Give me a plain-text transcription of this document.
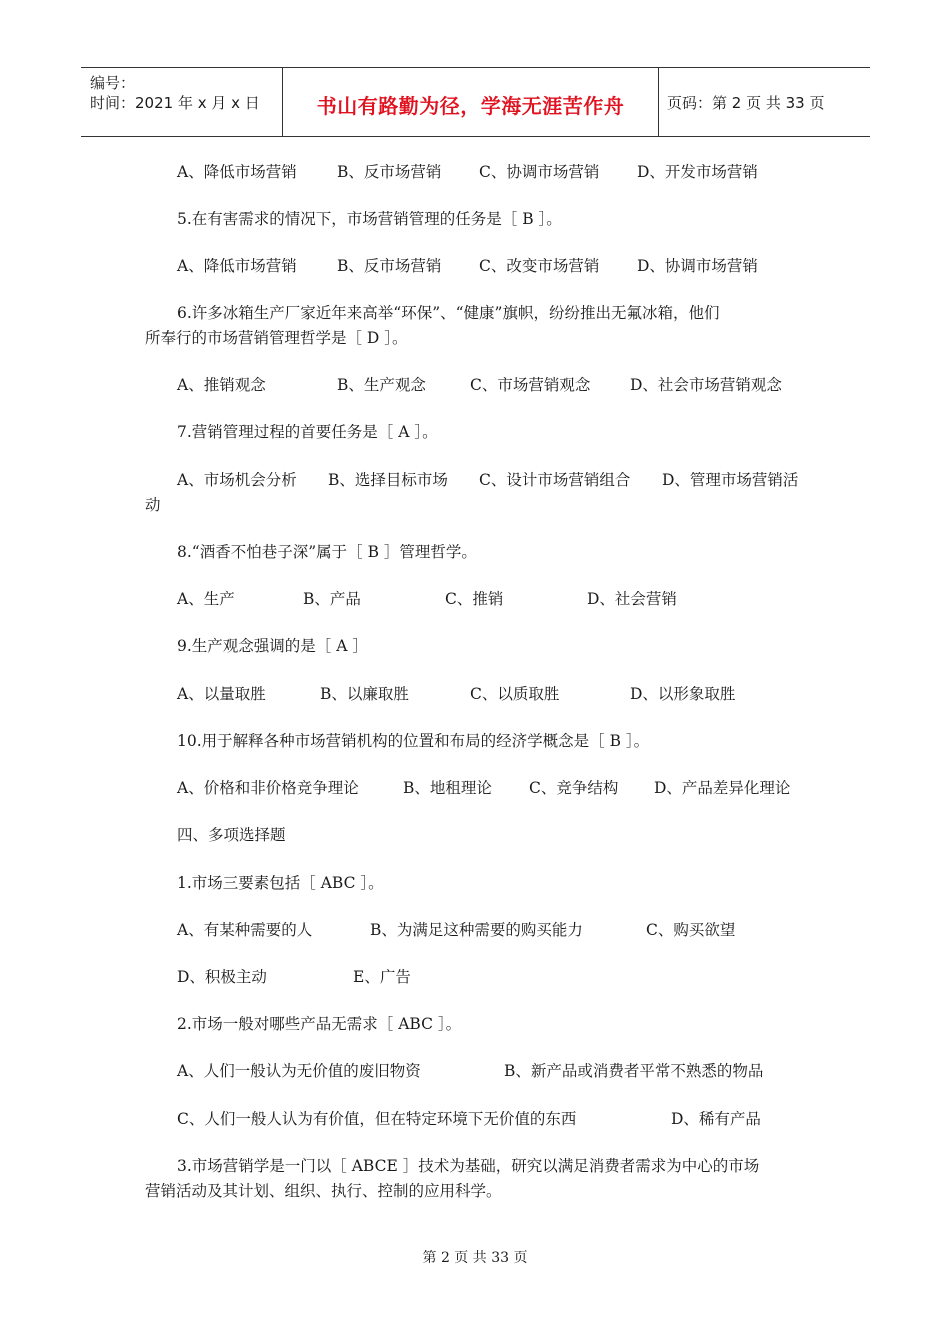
编号：
时间：2021 年 x 月 x 日	书山有路勤为径，学海无涯苦作舟	页码：第 2 页 共 33 页
A、降低市场营销	B、反市场营销 C、协调市场营销 D、开发市场营销
5.在有害需求的情况下，市场营销管理的任务是［ B ］。
A、降低市场营销	B、反市场营销 C、改变市场营销 D、协调市场营销
6.许多冰箱生产厂家近年来高举“环保”、“健康”旗帜，纷纷推出无氟冰箱，他们
所奉行的市场营销管理哲学是［ D ］。
A、推销观念	B、生产观念	C、市场营销观念	D、社会市场营销观念
7.营销管理过程的首要任务是［ A ］。
A、市场机会分析 B、选择目标市场 C、设计市场营销组合 D、管理市场营销活
动
8.“酒香不怕巷子深”属于［ B ］管理哲学。
A、生产	B、产品	C、推销	D、社会营销
9.生产观念强调的是［ A ］
A、以量取胜	B、以廉取胜	C、以质取胜	D、以形象取胜
10.用于解释各种市场营销机构的位置和布局的经济学概念是［ B ］。
A、价格和非价格竞争理论	B、地租理论 C、竞争结构 D、产品差异化理论
四、多项选择题
1.市场三要素包括［ ABC ］。
A、有某种需要的人	B、为满足这种需要的购买能力	C、购买欲望
D、积极主动	E、广告
2.市场一般对哪些产品无需求［ ABC ］。
A、人们一般认为无价值的废旧物资	B、新产品或消费者平常不熟悉的物品
C、人们一般人认为有价值，但在特定环境下无价值的东西	D、稀有产品
3.市场营销学是一门以［ ABCE ］技术为基础，研究以满足消费者需求为中心的市场
营销活动及其计划、组织、执行、控制的应用科学。
第 2 页 共 33 页
